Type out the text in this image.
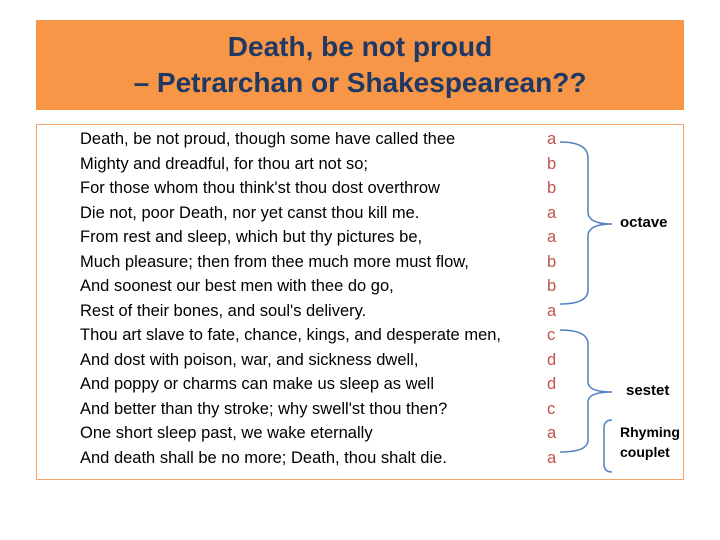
Death, be not proud
– Petrarchan or Shakespearean??
Death, be not proud, though some have called thee	a
Mighty and dreadful, for thou art not so;	b
For those whom thou think'st thou dost overthrow	b
Die not, poor Death, nor yet canst thou kill me.	a
From rest and sleep, which but thy pictures be,	a
Much pleasure; then from thee much more must flow,	b
And soonest our best men with thee do go,	b
Rest of their bones, and soul's delivery.	a
Thou art slave to fate, chance, kings, and desperate men,	c
And dost with poison, war, and sickness dwell,	d
And poppy or charms can make us sleep as well	d
And better than thy stroke; why swell'st thou then?	c
One short sleep past, we wake eternally	a
And death shall be no more; Death, thou shalt die.	a
octave
sestet
Rhyming
couplet
